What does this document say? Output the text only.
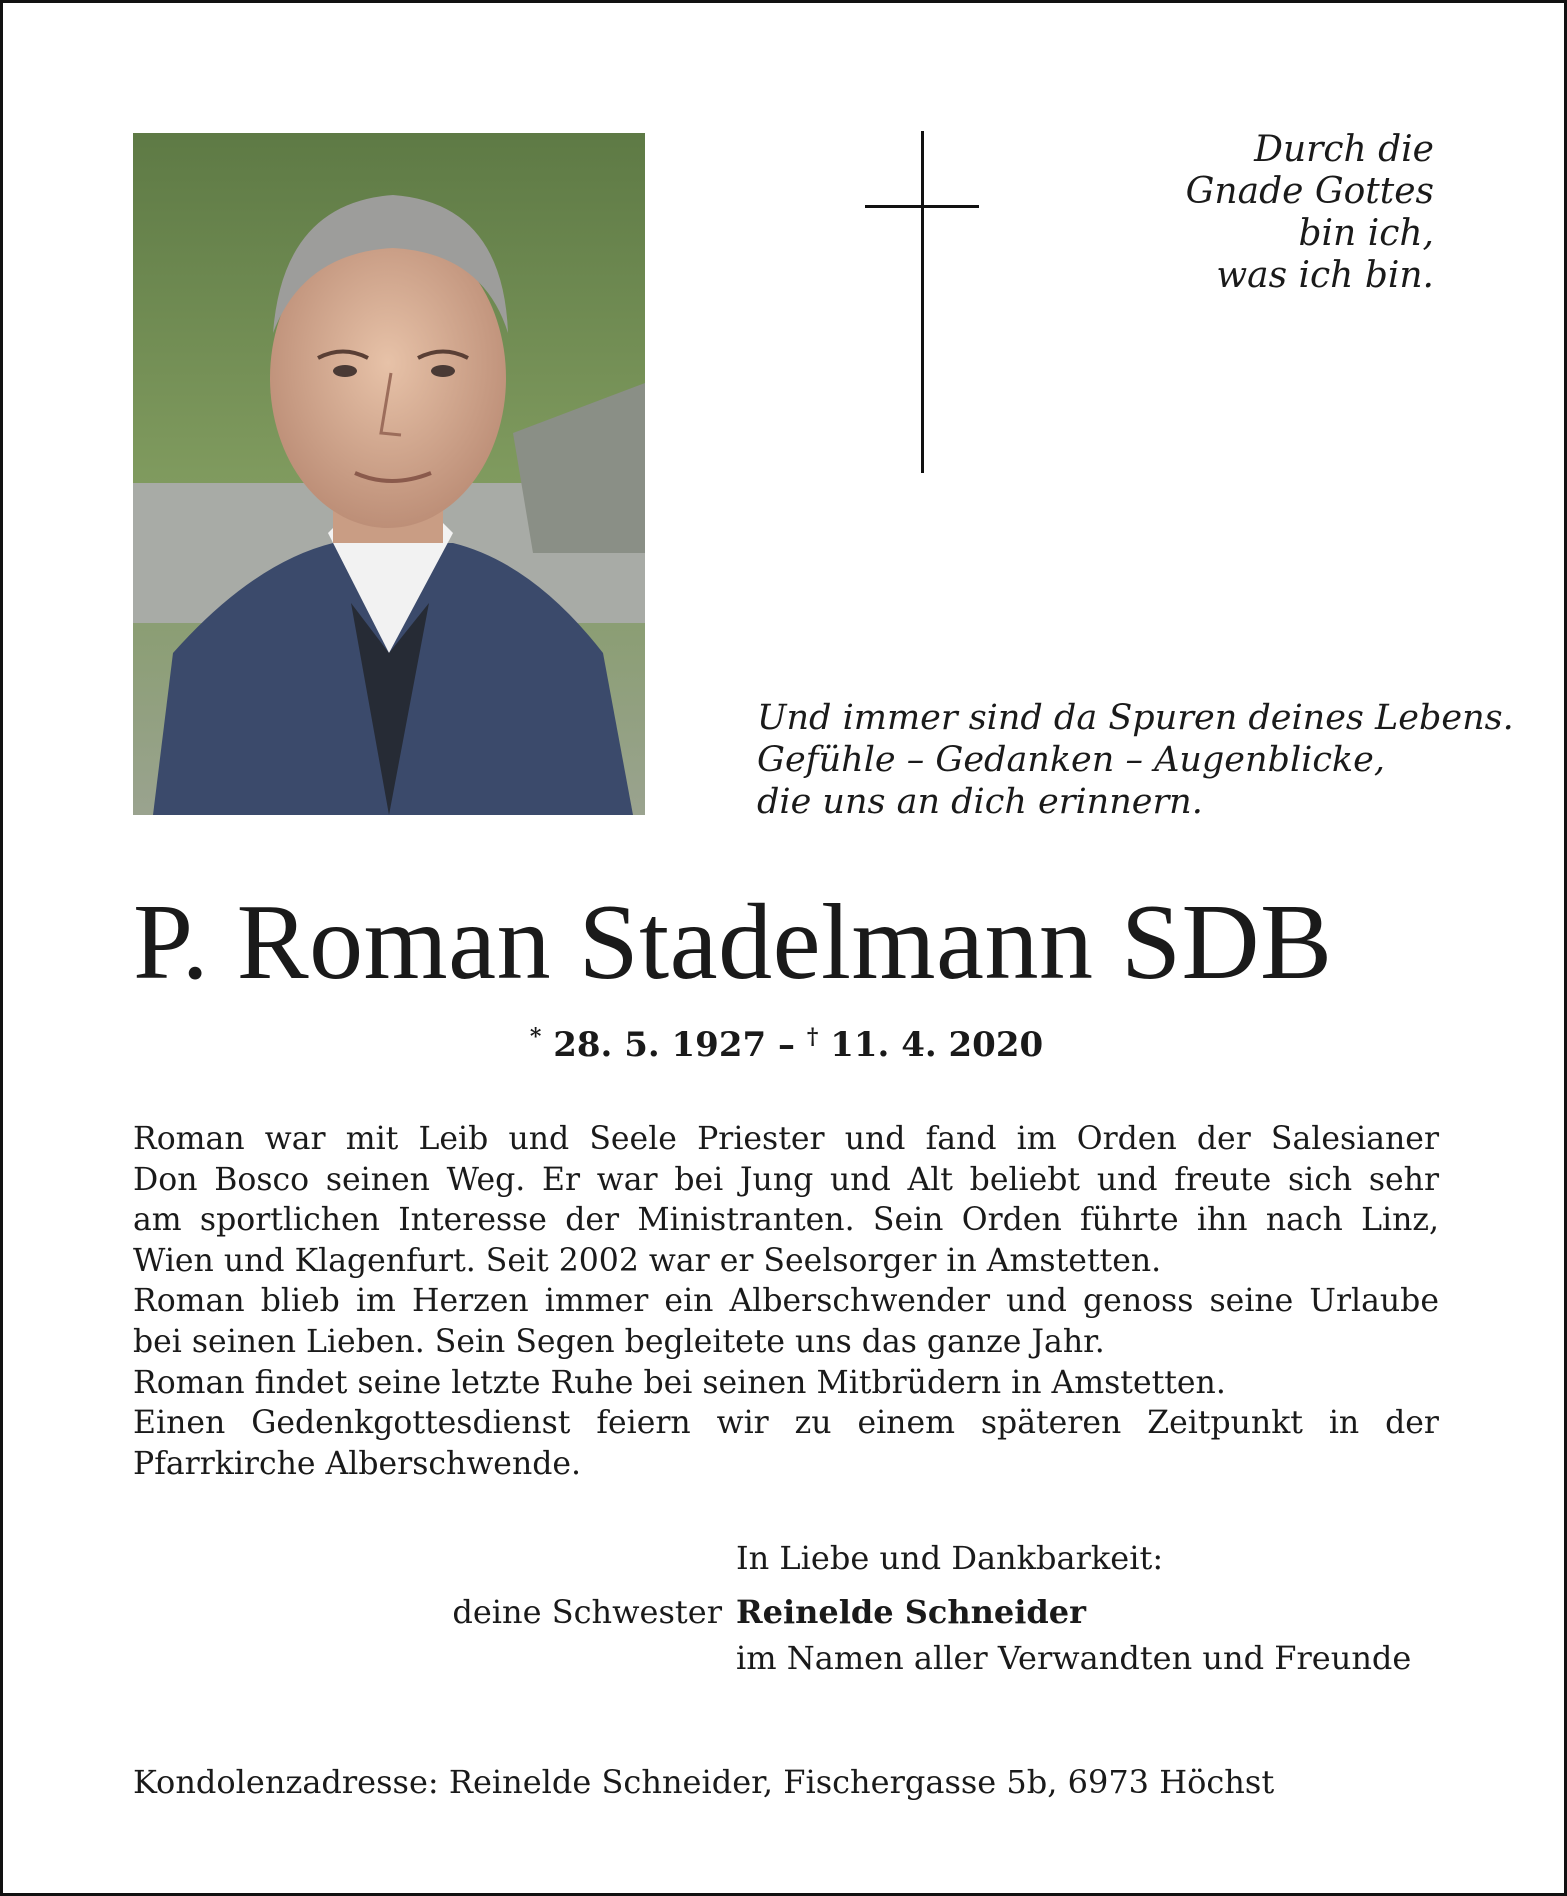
Durch die
Gnade Gottes
bin ich,
was ich bin.
Und immer sind da Spuren deines Lebens.
Gefühle – Gedanken – Augenblicke,
die uns an dich erinnern.
P. Roman Stadelmann SDB
* 28. 5. 1927 – † 11. 4. 2020
Roman war mit Leib und Seele Priester und fand im Orden der Salesianer
Don Bosco seinen Weg. Er war bei Jung und Alt beliebt und freute sich sehr
am sportlichen Interesse der Ministranten. Sein Orden führte ihn nach Linz,
Wien und Klagenfurt. Seit 2002 war er Seelsorger in Amstetten.
Roman blieb im Herzen immer ein Alberschwender und genoss seine Urlaube
bei seinen Lieben. Sein Segen begleitete uns das ganze Jahr.
Roman findet seine letzte Ruhe bei seinen Mitbrüdern in Amstetten.
Einen Gedenkgottesdienst feiern wir zu einem späteren Zeitpunkt in der
Pfarrkirche Alberschwende.
In Liebe und Dankbarkeit:
deine Schwester Reinelde Schneider
im Namen aller Verwandten und Freunde
Kondolenzadresse: Reinelde Schneider, Fischergasse 5b, 6973 Höchst
